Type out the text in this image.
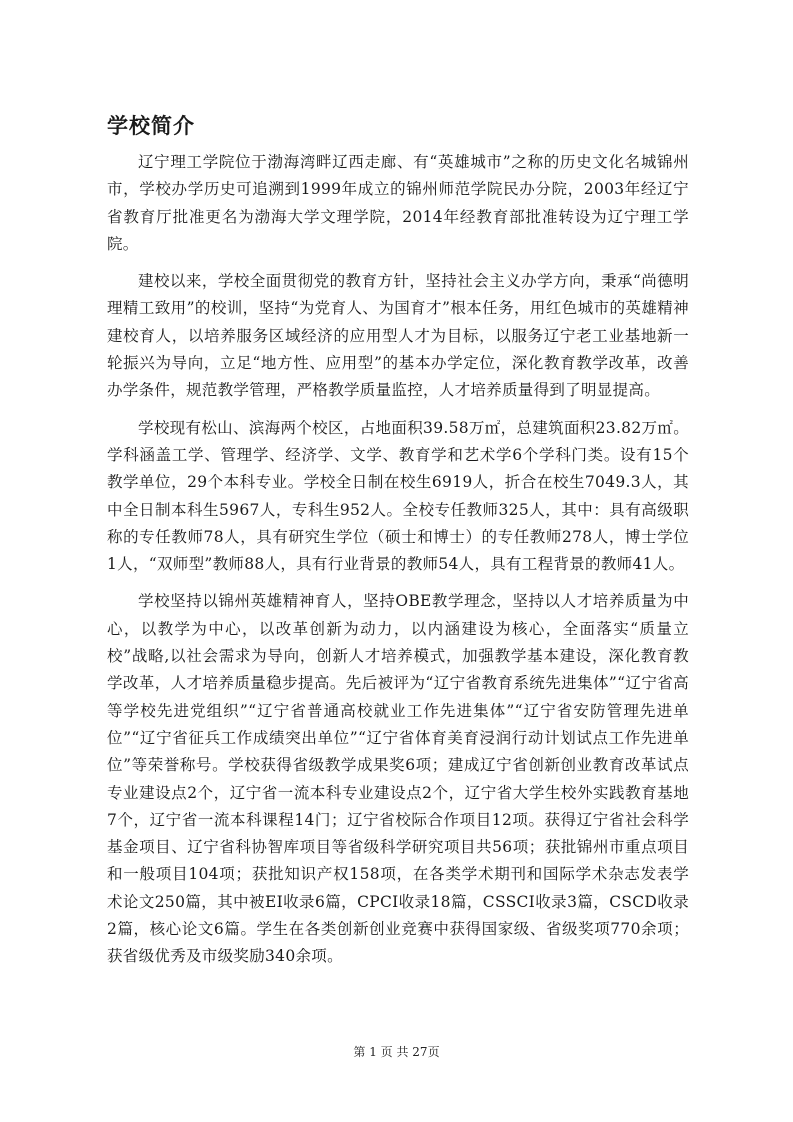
学校简介

辽宁理工学院位于渤海湾畔辽西走廊、有“英雄城市”之称的历史文化名城锦州市，学校办学历史可追溯到1999年成立的锦州师范学院民办分院，2003年经辽宁省教育厅批准更名为渤海大学文理学院，2014年经教育部批准转设为辽宁理工学院。

建校以来，学校全面贯彻党的教育方针，坚持社会主义办学方向，秉承“尚德明理精工致用”的校训，坚持“为党育人、为国育才”根本任务，用红色城市的英雄精神建校育人，以培养服务区域经济的应用型人才为目标，以服务辽宁老工业基地新一轮振兴为导向，立足“地方性、应用型”的基本办学定位，深化教育教学改革，改善办学条件，规范教学管理，严格教学质量监控，人才培养质量得到了明显提高。

学校现有松山、滨海两个校区，占地面积39.58万㎡，总建筑面积23.82万㎡。学科涵盖工学、管理学、经济学、文学、教育学和艺术学6个学科门类。设有15个教学单位，29个本科专业。学校全日制在校生6919人，折合在校生7049.3人，其中全日制本科生5967人，专科生952人。全校专任教师325人，其中：具有高级职称的专任教师78人，具有研究生学位（硕士和博士）的专任教师278人，博士学位1人，“双师型”教师88人，具有行业背景的教师54人，具有工程背景的教师41人。

学校坚持以锦州英雄精神育人，坚持OBE教学理念，坚持以人才培养质量为中心，以教学为中心，以改革创新为动力，以内涵建设为核心，全面落实“质量立校”战略,以社会需求为导向，创新人才培养模式，加强教学基本建设，深化教育教学改革，人才培养质量稳步提高。先后被评为“辽宁省教育系统先进集体”“辽宁省高等学校先进党组织”“辽宁省普通高校就业工作先进集体”“辽宁省安防管理先进单位”“辽宁省征兵工作成绩突出单位”“辽宁省体育美育浸润行动计划试点工作先进单位”等荣誉称号。学校获得省级教学成果奖6项；建成辽宁省创新创业教育改革试点专业建设点2个，辽宁省一流本科专业建设点2个，辽宁省大学生校外实践教育基地7个，辽宁省一流本科课程14门；辽宁省校际合作项目12项。获得辽宁省社会科学基金项目、辽宁省科协智库项目等省级科学研究项目共56项；获批锦州市重点项目和一般项目104项；获批知识产权158项，在各类学术期刊和国际学术杂志发表学术论文250篇，其中被EI收录6篇，CPCI收录18篇，CSSCI收录3篇，CSCD收录2篇，核心论文6篇。学生在各类创新创业竞赛中获得国家级、省级奖项770余项；获省级优秀及市级奖励340余项。

第 1 页 共 27页
